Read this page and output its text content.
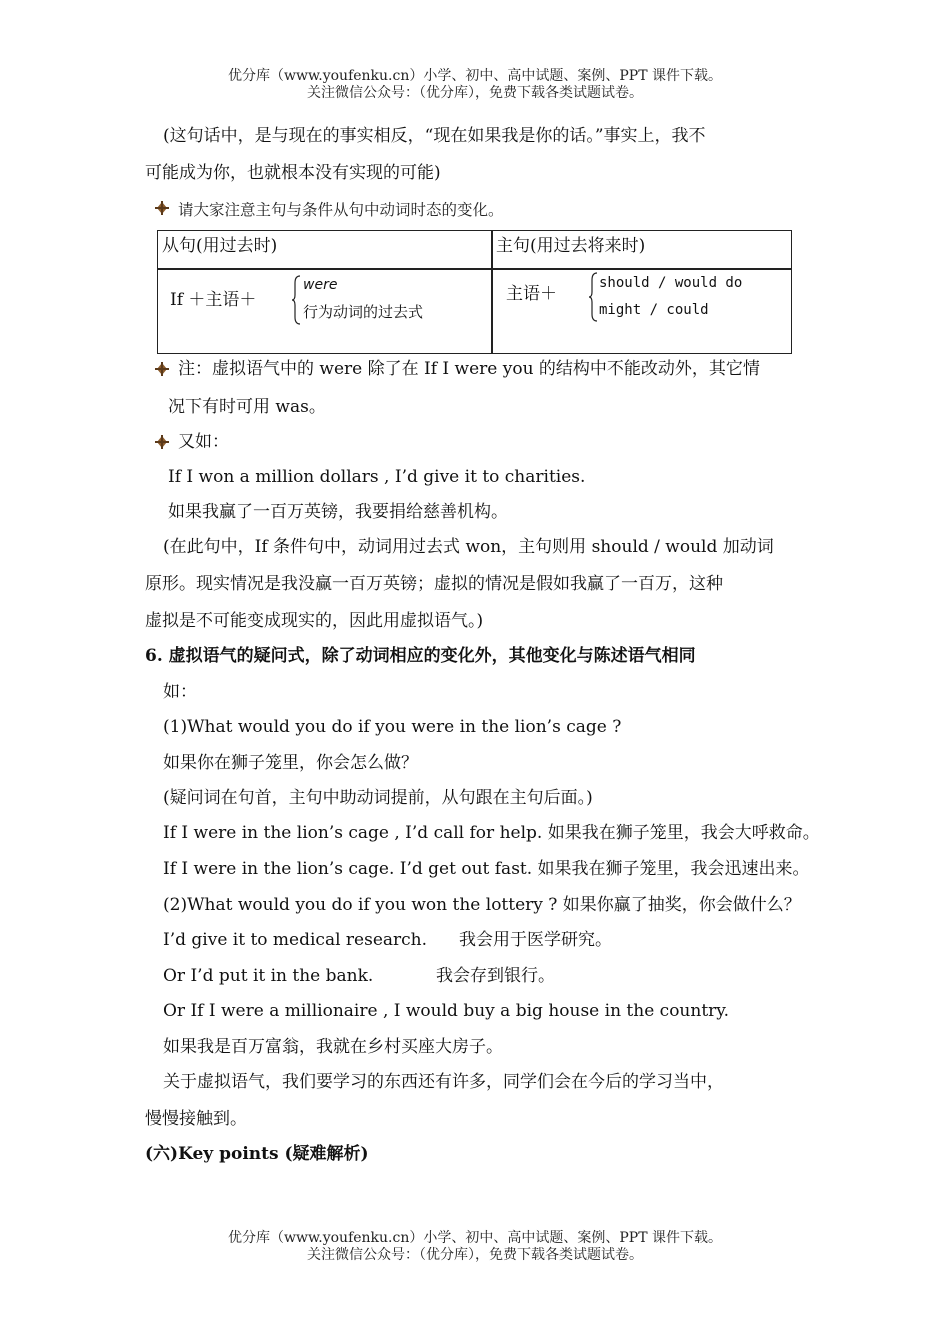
优分库（www.youfenku.cn）小学、初中、高中试题、案例、PPT 课件下载。
关注微信公众号：（优分库），免费下载各类试题试卷。
(这句话中，是与现在的事实相反，“现在如果我是你的话。”事实上，我不
可能成为你，也就根本没有实现的可能)
请大家注意主句与条件从句中动词时态的变化。
从句(用过去时)	主句(用过去将来时)
If ＋主语＋
were
行为动词的过去式
主语＋
should / would do
might / could
注：虚拟语气中的 were 除了在 If I were you 的结构中不能改动外，其它情
况下有时可用 was。
又如：
If I won a million dollars , I’d give it to charities.
如果我赢了一百万英镑，我要捐给慈善机构。
(在此句中，If 条件句中，动词用过去式 won，主句则用 should / would 加动词
原形。现实情况是我没赢一百万英镑；虚拟的情况是假如我赢了一百万，这种
虚拟是不可能变成现实的，因此用虚拟语气。)
6. 虚拟语气的疑问式，除了动词相应的变化外，其他变化与陈述语气相同
如：
(1)What would you do if you were in the lion’s cage ?
如果你在狮子笼里，你会怎么做？
(疑问词在句首，主句中助动词提前，从句跟在主句后面。)
If I were in the lion’s cage , I’d call for help. 如果我在狮子笼里，我会大呼救命。
If I were in the lion’s cage. I’d get out fast. 如果我在狮子笼里，我会迅速出来。
(2)What would you do if you won the lottery ? 如果你赢了抽奖，你会做什么？
I’d give it to medical research. 我会用于医学研究。
Or I’d put it in the bank.	我会存到银行。
Or If I were a millionaire , I would buy a big house in the country.
如果我是百万富翁，我就在乡村买座大房子。
关于虚拟语气，我们要学习的东西还有许多，同学们会在今后的学习当中，
慢慢接触到。
(六)Key points (疑难解析)
优分库（www.youfenku.cn）小学、初中、高中试题、案例、PPT 课件下载。
关注微信公众号：（优分库），免费下载各类试题试卷。
